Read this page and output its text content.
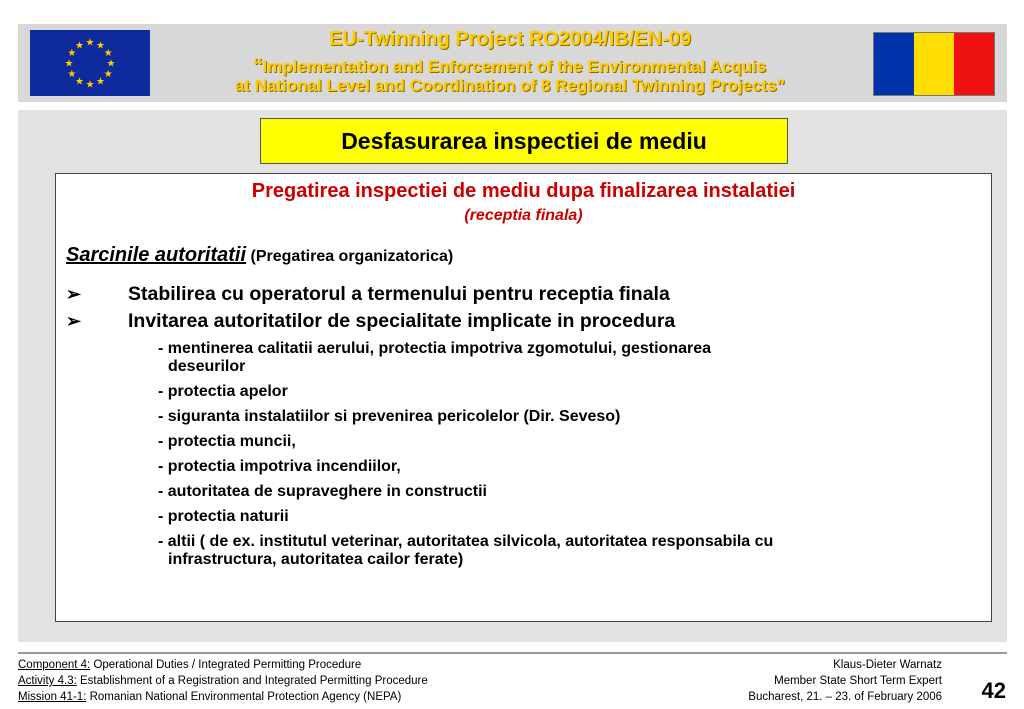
★ ★
★
★
★
★
★
★
★
★
★
★	EU-Twinning Project RO2004/IB/EN-09
“Implementation and Enforcement of the Environmental Acquis
at National Level and Coordination of 8 Regional Twinning Projects”
Desfasurarea inspectiei de mediu
Pregatirea inspectiei de mediu dupa finalizarea instalatiei
(receptia finala)
Sarcinile autoritatii (Pregatirea organizatorica)
➢ Stabilirea cu operatorul a termenului pentru receptia finala
➢ Invitarea autoritatilor de specialitate implicate in procedura
- mentinerea calitatii aerului, protectia impotriva zgomotului, gestionarea
deseurilor
- protectia apelor
- siguranta instalatiilor si prevenirea pericolelor (Dir. Seveso)
- protectia muncii,
- protectia impotriva incendiilor,
- autoritatea de supraveghere in constructii
- protectia naturii
- altii ( de ex. institutul veterinar, autoritatea silvicola, autoritatea responsabila cu
infrastructura, autoritatea cailor ferate)
Component 4: Operational Duties / Integrated Permitting Procedure
Activity 4.3: Establishment of a Registration and Integrated Permitting Procedure
Mission 41-1: Romanian National Environmental Protection Agency (NEPA)
Klaus-Dieter Warnatz
Member State Short Term Expert
Bucharest, 21. – 23. of February 2006 42
